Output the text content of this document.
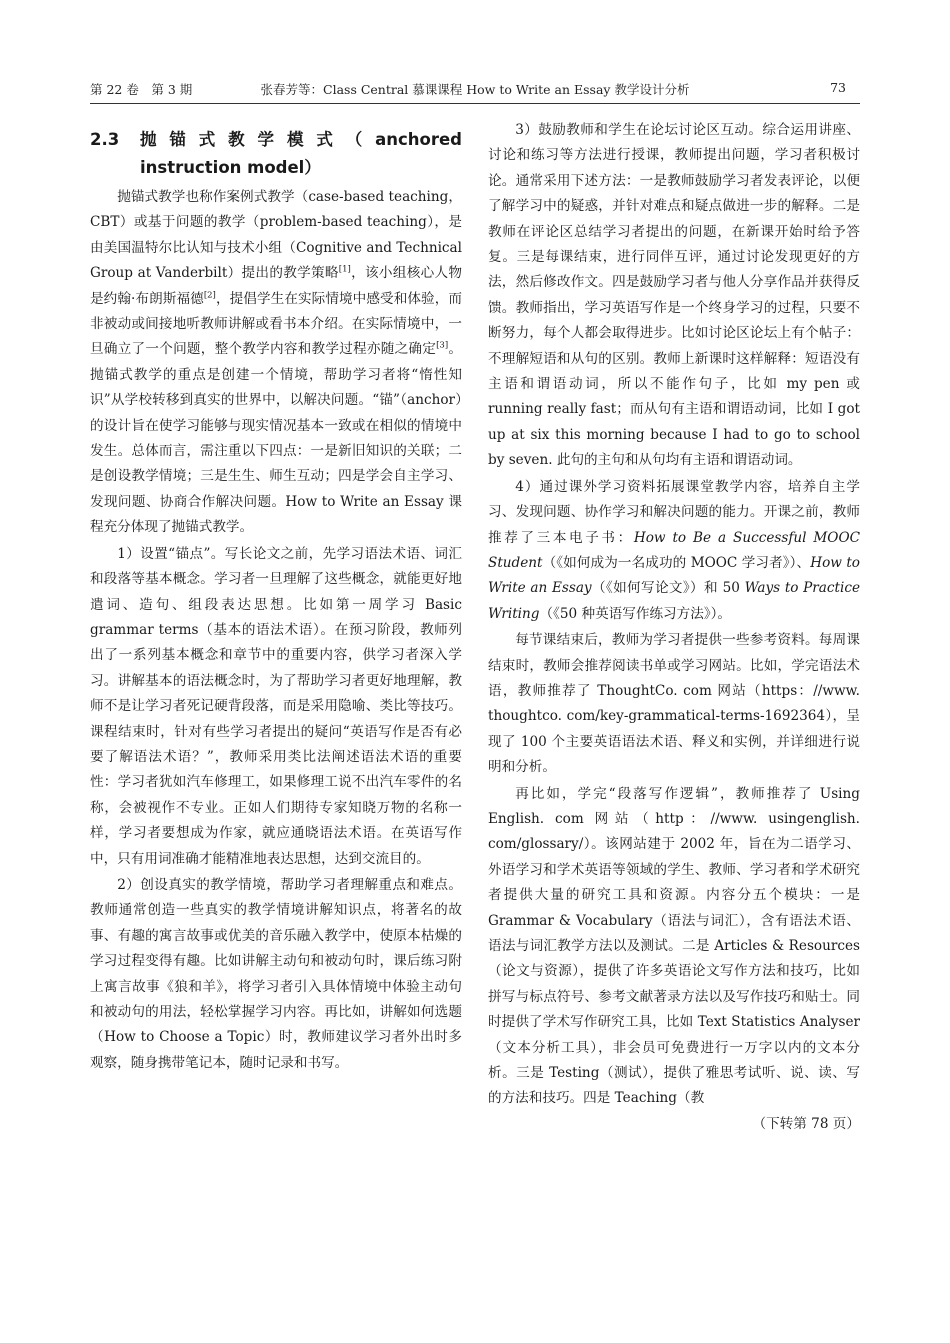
张春芳等：Class Central 慕课课程 How to Write an Essay 教学设计分析
第 22 卷　第 3 期	73
2.3	抛锚式教学模式（anchored instruction model）

抛锚式教学也称作案例式教学（case-based teaching，CBT）或基于问题的教学（problem-based teaching），是由美国温特尔比认知与技术小组（Cognitive and Technical Group at Vanderbilt）提出的教学策略[1]，该小组核心人物是约翰·布朗斯福德[2]，提倡学生在实际情境中感受和体验，而非被动或间接地听教师讲解或看书本介绍。在实际情境中，一旦确立了一个问题，整个教学内容和教学过程亦随之确定[3]。抛锚式教学的重点是创建一个情境，帮助学习者将“惰性知识”从学校转移到真实的世界中，以解决问题。“锚”（anchor）的设计旨在使学习能够与现实情况基本一致或在相似的情境中发生。总体而言，需注重以下四点：一是新旧知识的关联；二是创设教学情境；三是生生、师生互动；四是学会自主学习、发现问题、协商合作解决问题。How to Write an Essay 课程充分体现了抛锚式教学。

1）设置“锚点”。写长论文之前，先学习语法术语、词汇和段落等基本概念。学习者一旦理解了这些概念，就能更好地遣词、造句、组段表达思想。比如第一周学习 Basic grammar terms（基本的语法术语）。在预习阶段，教师列出了一系列基本概念和章节中的重要内容，供学习者深入学习。讲解基本的语法概念时，为了帮助学习者更好地理解，教师不是让学习者死记硬背段落，而是采用隐喻、类比等技巧。课程结束时，针对有些学习者提出的疑问“英语写作是否有必要了解语法术语？”，教师采用类比法阐述语法术语的重要性：学习者犹如汽车修理工，如果修理工说不出汽车零件的名称，会被视作不专业。正如人们期待专家知晓万物的名称一样，学习者要想成为作家，就应通晓语法术语。在英语写作中，只有用词准确才能精准地表达思想，达到交流目的。

2）创设真实的教学情境，帮助学习者理解重点和难点。教师通常创造一些真实的教学情境讲解知识点，将著名的故事、有趣的寓言故事或优美的音乐融入教学中，使原本枯燥的学习过程变得有趣。比如讲解主动句和被动句时，课后练习附上寓言故事《狼和羊》，将学习者引入具体情境中体验主动句和被动句的用法，轻松掌握学习内容。再比如，讲解如何选题（How to Choose a Topic）时，教师建议学习者外出时多观察，随身携带笔记本，随时记录和书写。

3）鼓励教师和学生在论坛讨论区互动。综合运用讲座、讨论和练习等方法进行授课，教师提出问题，学习者积极讨论。通常采用下述方法：一是教师鼓励学习者发表评论，以便了解学习中的疑惑，并针对难点和疑点做进一步的解释。二是教师在评论区总结学习者提出的问题，在新课开始时给予答复。三是每课结束，进行同伴互评，通过讨论发现更好的方法，然后修改作文。四是鼓励学习者与他人分享作品并获得反馈。教师指出，学习英语写作是一个终身学习的过程，只要不断努力，每个人都会取得进步。比如讨论区论坛上有个帖子：不理解短语和从句的区别。教师上新课时这样解释：短语没有主语和谓语动词，所以不能作句子，比如 my pen 或 running really fast；而从句有主语和谓语动词，比如 I got up at six this morning because I had to go to school by seven. 此句的主句和从句均有主语和谓语动词。

4）通过课外学习资料拓展课堂教学内容，培养自主学习、发现问题、协作学习和解决问题的能力。开课之前，教师推荐了三本电子书：How to Be a Successful MOOC Student（《如何成为一名成功的 MOOC 学习者》）、How to Write an Essay（《如何写论文》）和 50 Ways to Practice Writing（《50 种英语写作练习方法》）。

每节课结束后，教师为学习者提供一些参考资料。每周课结束时，教师会推荐阅读书单或学习网站。比如，学完语法术语，教师推荐了 ThoughtCo. com 网站（https：//www. thoughtco. com/key-grammatical-terms-1692364），呈现了 100 个主要英语语法术语、释义和实例，并详细进行说明和分析。

再比如，学完“段落写作逻辑”，教师推荐了 Using English. com 网站（http：//www. usingenglish. com/glossary/）。该网站建于 2002 年，旨在为二语学习、外语学习和学术英语等领域的学生、教师、学习者和学术研究者提供大量的研究工具和资源。内容分五个模块：一是 Grammar & Vocabulary（语法与词汇），含有语法术语、语法与词汇教学方法以及测试。二是 Articles & Resources（论文与资源），提供了许多英语论文写作方法和技巧，比如拼写与标点符号、参考文献著录方法以及写作技巧和贴士。同时提供了学术写作研究工具，比如 Text Statistics Analyser（文本分析工具），非会员可免费进行一万字以内的文本分析。三是 Testing（测试），提供了雅思考试听、说、读、写的方法和技巧。四是 Teaching（教

（下转第 78 页）
